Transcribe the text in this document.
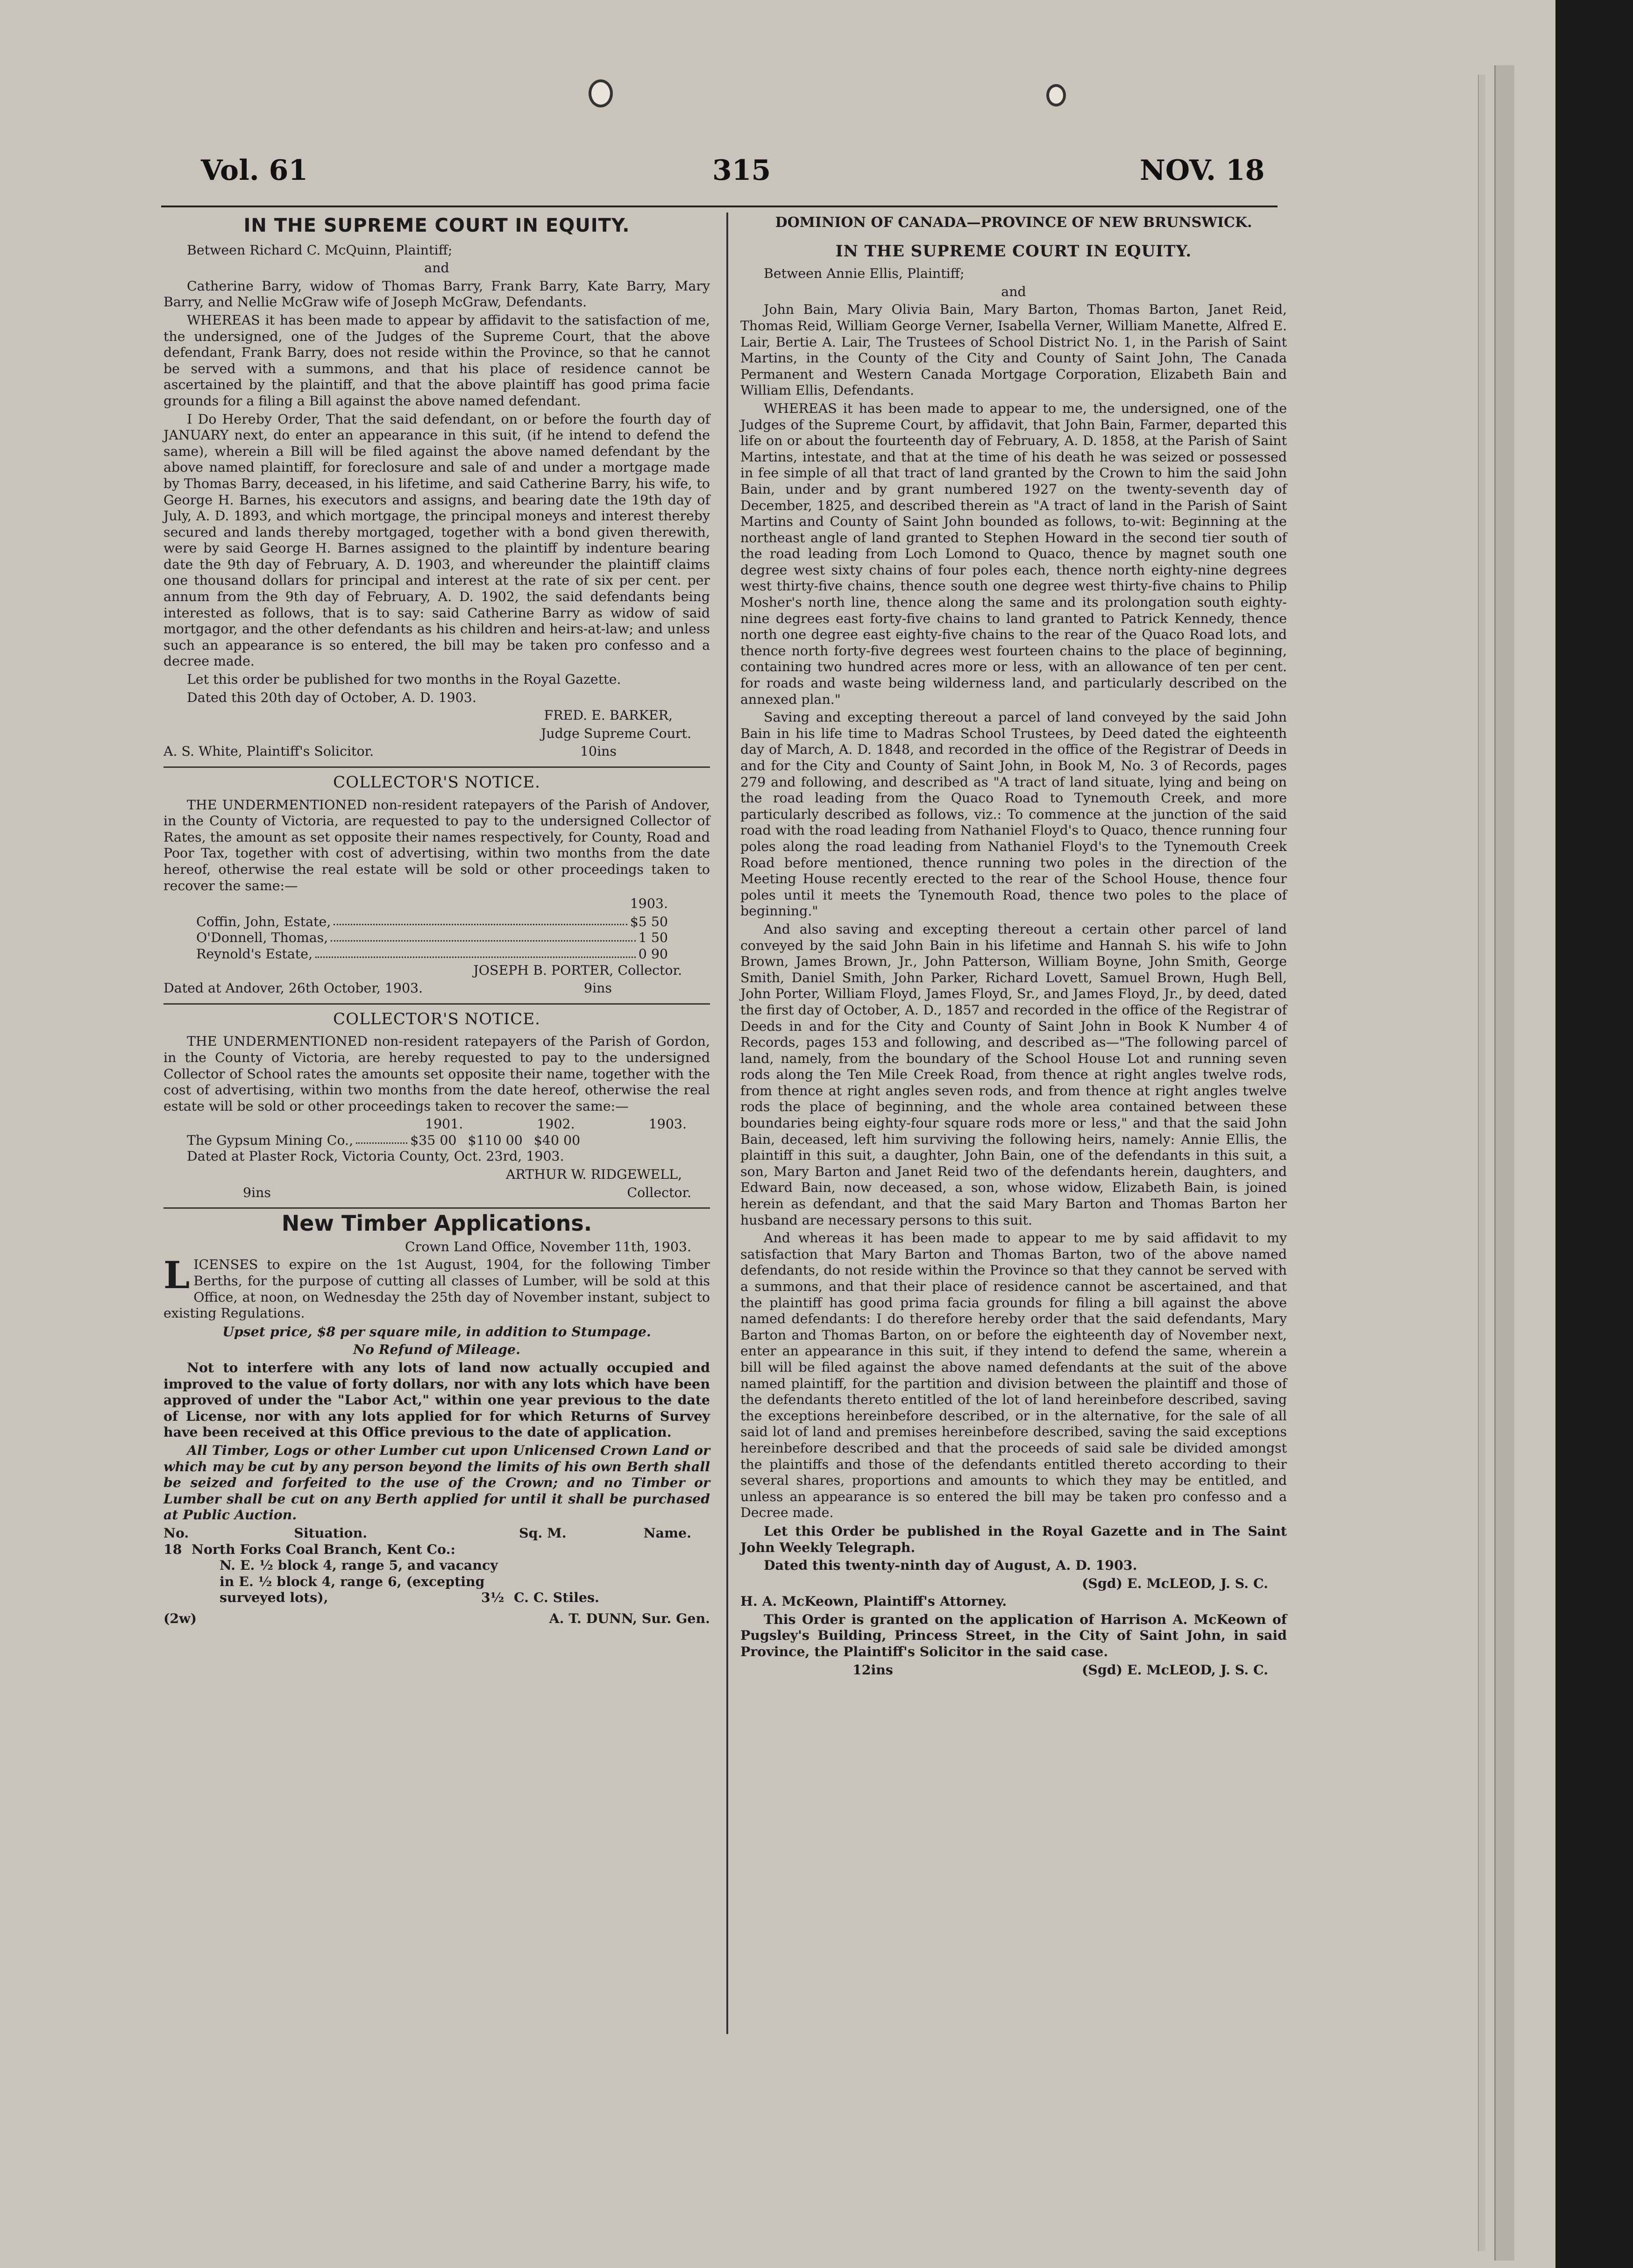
Vol. 61	315	NOV. 18
IN THE SUPREME COURT IN EQUITY.

Between Richard C. McQuinn, Plaintiff;

and

Catherine Barry, widow of Thomas Barry, Frank Barry, Kate Barry, Mary Barry, and Nellie McGraw wife of Joseph McGraw, Defendants.

WHEREAS it has been made to appear by affidavit to the satisfaction of me, the undersigned, one of the Judges of the Supreme Court, that the above defendant, Frank Barry, does not reside within the Province, so that he cannot be served with a summons, and that his place of residence cannot be ascertained by the plaintiff, and that the above plaintiff has good prima facie grounds for a filing a Bill against the above named defendant.

I Do Hereby Order, That the said defendant, on or before the fourth day of JANUARY next, do enter an appearance in this suit, (if he intend to defend the same), wherein a Bill will be filed against the above named defendant by the above named plaintiff, for foreclosure and sale of and under a mortgage made by Thomas Barry, deceased, in his lifetime, and said Catherine Barry, his wife, to George H. Barnes, his executors and assigns, and bearing date the 19th day of July, A. D. 1893, and which mortgage, the principal moneys and interest thereby secured and lands thereby mortgaged, together with a bond given therewith, were by said George H. Barnes assigned to the plaintiff by indenture bearing date the 9th day of February, A. D. 1903, and whereunder the plaintiff claims one thousand dollars for principal and interest at the rate of six per cent. per annum from the 9th day of February, A. D. 1902, the said defendants being interested as follows, that is to say: said Catherine Barry as widow of said mortgagor, and the other defendants as his children and heirs-at-law; and unless such an appearance is so entered, the bill may be taken pro confesso and a decree made.

Let this order be published for two months in the Royal Gazette.

Dated this 20th day of October, A. D. 1903.

FRED. E. BARKER,

Judge Supreme Court.

A. S. White, Plaintiff's Solicitor.	10ins
COLLECTOR'S NOTICE.

THE UNDERMENTIONED non-resident ratepayers of the Parish of Andover, in the County of Victoria, are requested to pay to the undersigned Collector of Rates, the amount as set opposite their names respectively, for County, Road and Poor Tax, together with cost of advertising, within two months from the date hereof, otherwise the real estate will be sold or other proceedings taken to recover the same:—

1903.

Coffin, John, Estate,	$5 50
O'Donnell, Thomas,	1 50
Reynold's Estate,	0 90

JOSEPH B. PORTER, Collector.

Dated at Andover, 26th October, 1903.	9ins
COLLECTOR'S NOTICE.

THE UNDERMENTIONED non-resident ratepayers of the Parish of Gordon, in the County of Victoria, are hereby requested to pay to the undersigned Collector of School rates the amounts set opposite their name, together with the cost of advertising, within two months from the date hereof, otherwise the real estate will be sold or other proceedings taken to recover the same:—

1901.	1902.	1903.
The Gypsum Mining Co.,	$35 00 $110 00 $40 00

Dated at Plaster Rock, Victoria County, Oct. 23rd, 1903.

ARTHUR W. RIDGEWELL,

9ins	Collector.
New Timber Applications.

Crown Land Office, November 11th, 1903.

LICENSES to expire on the 1st August, 1904, for the following Timber Berths, for the purpose of cutting all classes of Lumber, will be sold at this Office, at noon, on Wednesday the 25th day of November instant, subject to existing Regulations.

Upset price, $8 per square mile, in addition to Stumpage.

No Refund of Mileage.

Not to interfere with any lots of land now actually occupied and improved to the value of forty dollars, nor with any lots which have been approved of under the "Labor Act," within one year previous to the date of License, nor with any lots applied for for which Returns of Survey have been received at this Office previous to the date of application.

All Timber, Logs or other Lumber cut upon Unlicensed Crown Land or which may be cut by any person beyond the limits of his own Berth shall be seized and forfeited to the use of the Crown; and no Timber or Lumber shall be cut on any Berth applied for until it shall be purchased at Public Auction.

No.	Situation.	Sq. M.	Name.
18 North Forks Coal Branch, Kent Co.:
N. E. ½ block 4, range 5, and vacancy
in E. ½ block 4, range 6, (excepting
surveyed lots),	3½ C. C. Stiles.
(2w)	A. T. DUNN, Sur. Gen.
DOMINION OF CANADA—PROVINCE OF NEW BRUNSWICK.
IN THE SUPREME COURT IN EQUITY.

Between Annie Ellis, Plaintiff;

and

John Bain, Mary Olivia Bain, Mary Barton, Thomas Barton, Janet Reid, Thomas Reid, William George Verner, Isabella Verner, William Manette, Alfred E. Lair, Bertie A. Lair, The Trustees of School District No. 1, in the Parish of Saint Martins, in the County of the City and County of Saint John, The Canada Permanent and Western Canada Mortgage Corporation, Elizabeth Bain and William Ellis, Defendants.

WHEREAS it has been made to appear to me, the undersigned, one of the Judges of the Supreme Court, by affidavit, that John Bain, Farmer, departed this life on or about the fourteenth day of February, A. D. 1858, at the Parish of Saint Martins, intestate, and that at the time of his death he was seized or possessed in fee simple of all that tract of land granted by the Crown to him the said John Bain, under and by grant numbered 1927 on the twenty-seventh day of December, 1825, and described therein as "A tract of land in the Parish of Saint Martins and County of Saint John bounded as follows, to-wit: Beginning at the northeast angle of land granted to Stephen Howard in the second tier south of the road leading from Loch Lomond to Quaco, thence by magnet south one degree west sixty chains of four poles each, thence north eighty-nine degrees west thirty-five chains, thence south one degree west thirty-five chains to Philip Mosher's north line, thence along the same and its prolongation south eighty-nine degrees east forty-five chains to land granted to Patrick Kennedy, thence north one degree east eighty-five chains to the rear of the Quaco Road lots, and thence north forty-five degrees west fourteen chains to the place of beginning, containing two hundred acres more or less, with an allowance of ten per cent. for roads and waste being wilderness land, and particularly described on the annexed plan."

Saving and excepting thereout a parcel of land conveyed by the said John Bain in his life time to Madras School Trustees, by Deed dated the eighteenth day of March, A. D. 1848, and recorded in the office of the Registrar of Deeds in and for the City and County of Saint John, in Book M, No. 3 of Records, pages 279 and following, and described as "A tract of land situate, lying and being on the road leading from the Quaco Road to Tynemouth Creek, and more particularly described as follows, viz.: To commence at the junction of the said road with the road leading from Nathaniel Floyd's to Quaco, thence running four poles along the road leading from Nathaniel Floyd's to the Tynemouth Creek Road before mentioned, thence running two poles in the direction of the Meeting House recently erected to the rear of the School House, thence four poles until it meets the Tynemouth Road, thence two poles to the place of beginning."

And also saving and excepting thereout a certain other parcel of land conveyed by the said John Bain in his lifetime and Hannah S. his wife to John Brown, James Brown, Jr., John Patterson, William Boyne, John Smith, George Smith, Daniel Smith, John Parker, Richard Lovett, Samuel Brown, Hugh Bell, John Porter, William Floyd, James Floyd, Sr., and James Floyd, Jr., by deed, dated the first day of October, A. D., 1857 and recorded in the office of the Registrar of Deeds in and for the City and County of Saint John in Book K Number 4 of Records, pages 153 and following, and described as—"The following parcel of land, namely, from the boundary of the School House Lot and running seven rods along the Ten Mile Creek Road, from thence at right angles twelve rods, from thence at right angles seven rods, and from thence at right angles twelve rods the place of beginning, and the whole area contained between these boundaries being eighty-four square rods more or less," and that the said John Bain, deceased, left him surviving the following heirs, namely: Annie Ellis, the plaintiff in this suit, a daughter, John Bain, one of the defendants in this suit, a son, Mary Barton and Janet Reid two of the defendants herein, daughters, and Edward Bain, now deceased, a son, whose widow, Elizabeth Bain, is joined herein as defendant, and that the said Mary Barton and Thomas Barton her husband are necessary persons to this suit.

And whereas it has been made to appear to me by said affidavit to my satisfaction that Mary Barton and Thomas Barton, two of the above named defendants, do not reside within the Province so that they cannot be served with a summons, and that their place of residence cannot be ascertained, and that the plaintiff has good prima facia grounds for filing a bill against the above named defendants: I do therefore hereby order that the said defendants, Mary Barton and Thomas Barton, on or before the eighteenth day of November next, enter an appearance in this suit, if they intend to defend the same, wherein a bill will be filed against the above named defendants at the suit of the above named plaintiff, for the partition and division between the plaintiff and those of the defendants thereto entitled of the lot of land hereinbefore described, saving the exceptions hereinbefore described, or in the alternative, for the sale of all said lot of land and premises hereinbefore described, saving the said exceptions hereinbefore described and that the proceeds of said sale be divided amongst the plaintiffs and those of the defendants entitled thereto according to their several shares, proportions and amounts to which they may be entitled, and unless an appearance is so entered the bill may be taken pro confesso and a Decree made.

Let this Order be published in the Royal Gazette and in The Saint John Weekly Telegraph.

Dated this twenty-ninth day of August, A. D. 1903.

(Sgd) E. McLEOD, J. S. C.

H. A. McKeown, Plaintiff's Attorney.

This Order is granted on the application of Harrison A. McKeown of Pugsley's Building, Princess Street, in the City of Saint John, in said Province, the Plaintiff's Solicitor in the said case.

12ins	(Sgd) E. McLEOD, J. S. C.
